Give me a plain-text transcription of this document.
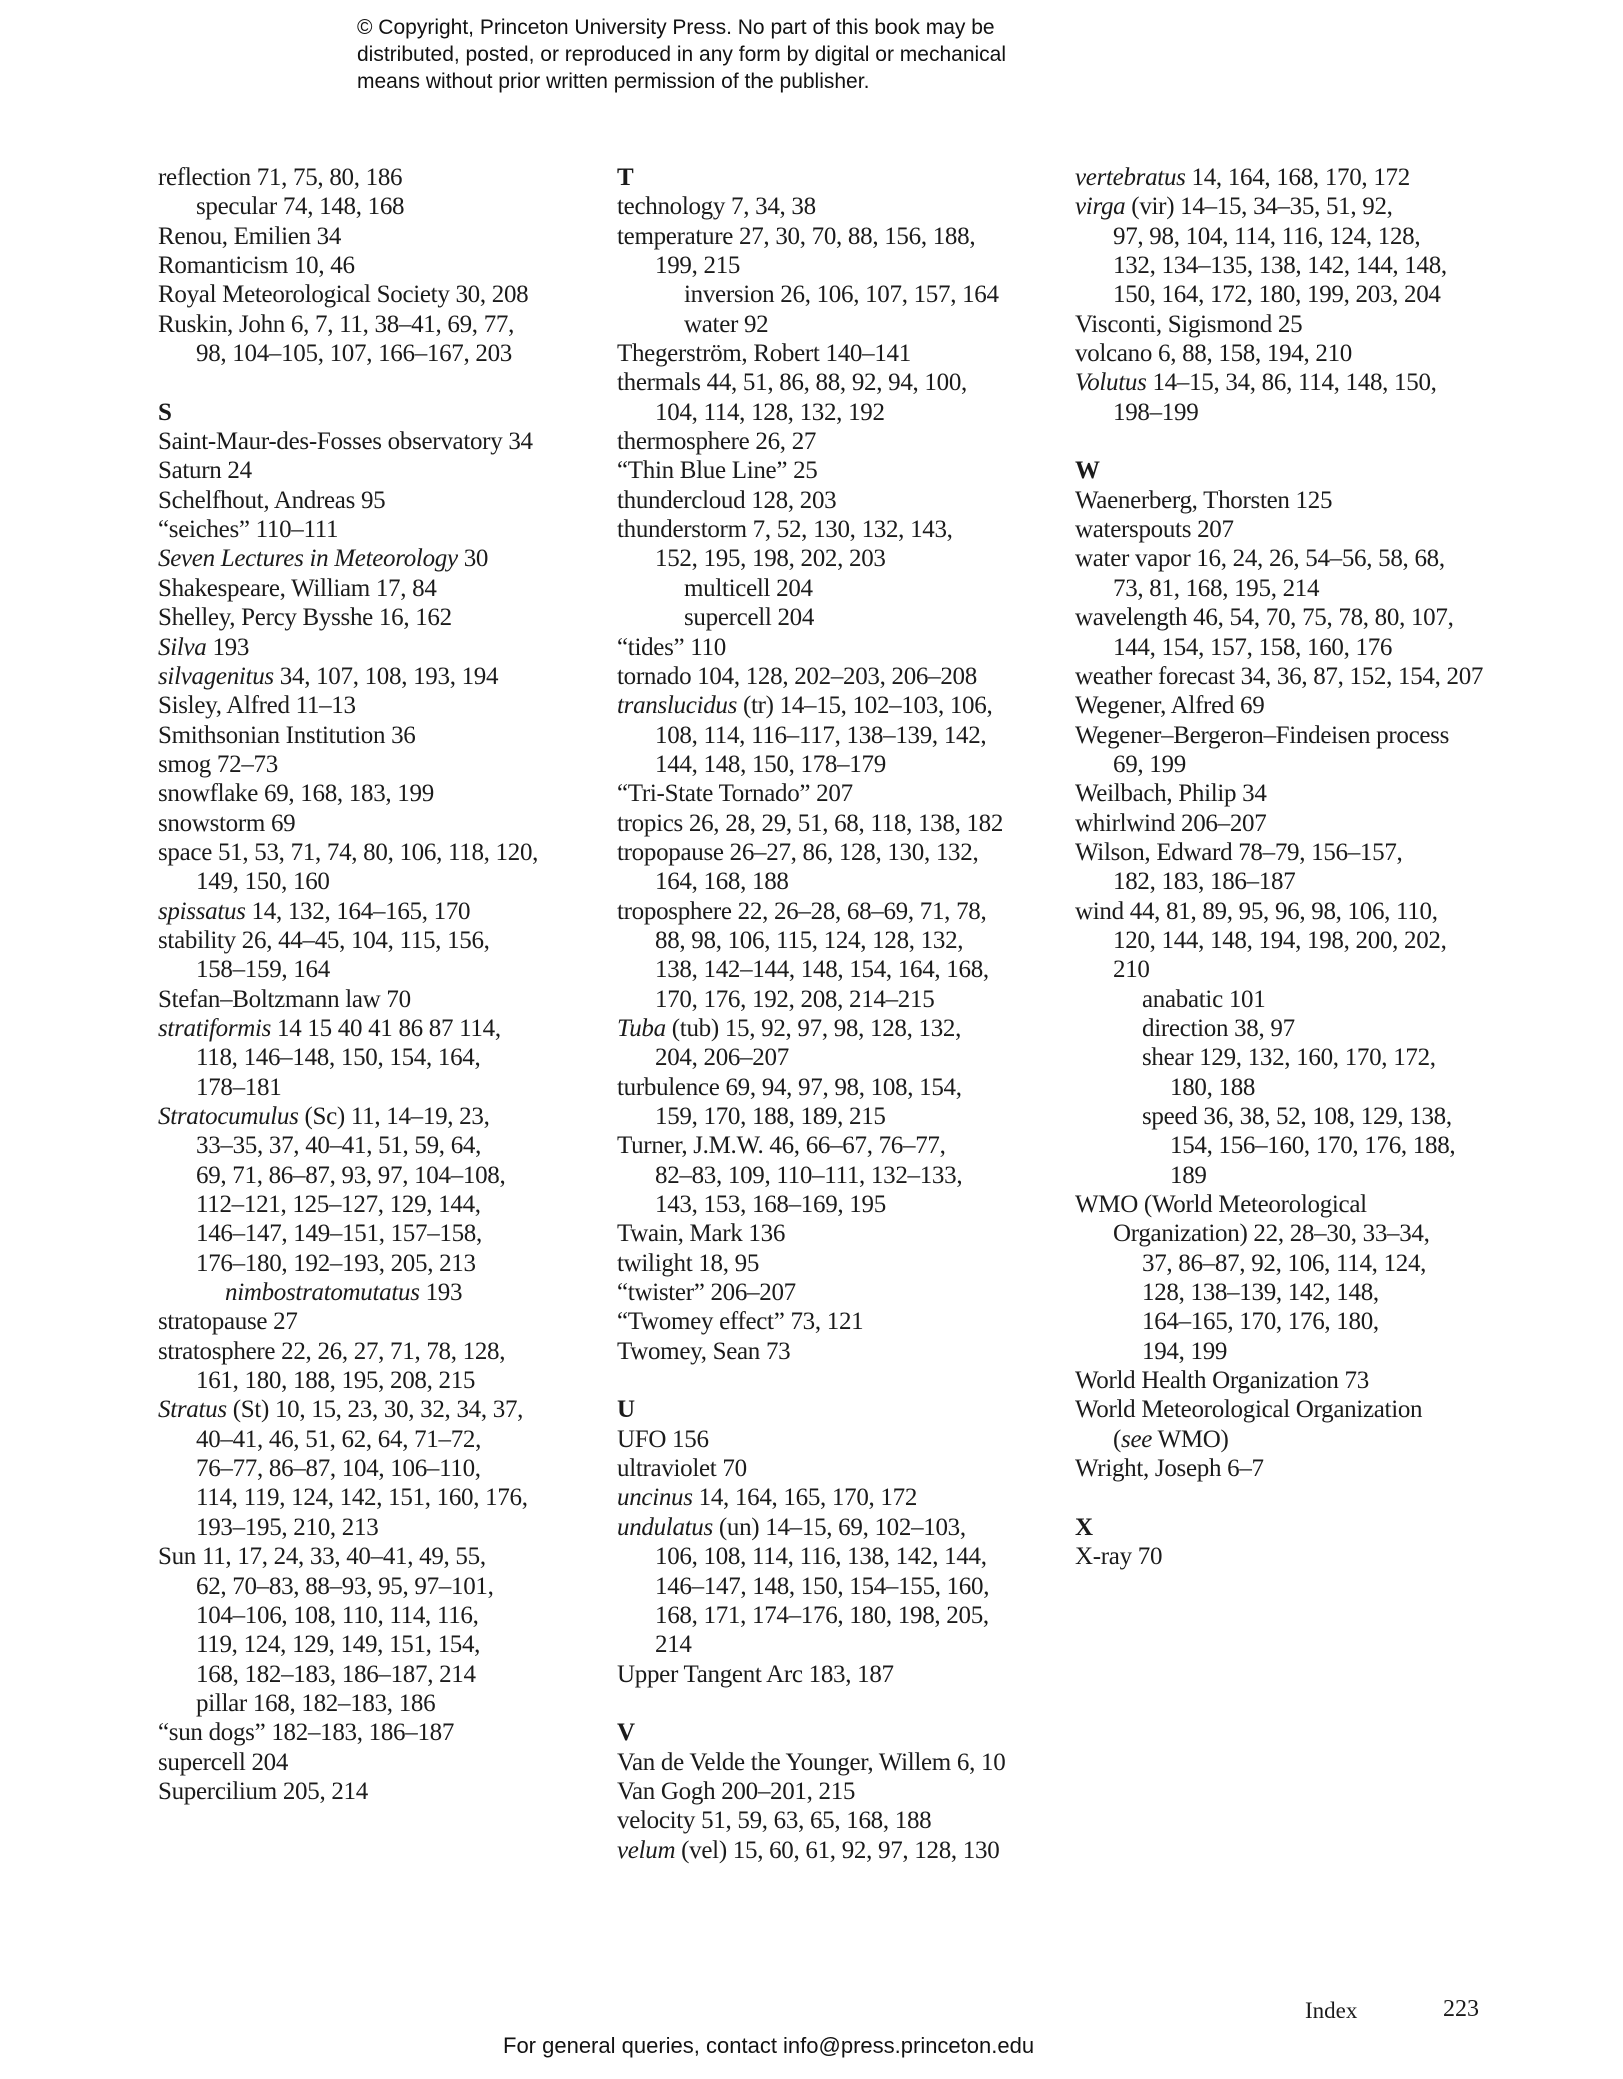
© Copyright, Princeton University Press. No part of this book may be
distributed, posted, or reproduced in any form by digital or mechanical
means without prior written permission of the publisher.
reflection 71, 75, 80, 186
specular 74, 148, 168
Renou, Emilien 34
Romanticism 10, 46
Royal Meteorological Society 30, 208
Ruskin, John 6, 7, 11, 38–41, 69, 77,
98, 104–105, 107, 166–167, 203
S
Saint-Maur-des-Fosses observatory 34
Saturn 24
Schelfhout, Andreas 95
“seiches” 110–111
Seven Lectures in Meteorology 30
Shakespeare, William 17, 84
Shelley, Percy Bysshe 16, 162
Silva 193
silvagenitus 34, 107, 108, 193, 194
Sisley, Alfred 11–13
Smithsonian Institution 36
smog 72–73
snowflake 69, 168, 183, 199
snowstorm 69
space 51, 53, 71, 74, 80, 106, 118, 120,
149, 150, 160
spissatus 14, 132, 164–165, 170
stability 26, 44–45, 104, 115, 156,
158–159, 164
Stefan–Boltzmann law 70
stratiformis 14 15 40 41 86 87 114,
118, 146–148, 150, 154, 164,
178–181
Stratocumulus (Sc) 11, 14–19, 23,
33–35, 37, 40–41, 51, 59, 64,
69, 71, 86–87, 93, 97, 104–108,
112–121, 125–127, 129, 144,
146–147, 149–151, 157–158,
176–180, 192–193, 205, 213
nimbostratomutatus 193
stratopause 27
stratosphere 22, 26, 27, 71, 78, 128,
161, 180, 188, 195, 208, 215
Stratus (St) 10, 15, 23, 30, 32, 34, 37,
40–41, 46, 51, 62, 64, 71–72,
76–77, 86–87, 104, 106–110,
114, 119, 124, 142, 151, 160, 176,
193–195, 210, 213
Sun 11, 17, 24, 33, 40–41, 49, 55,
62, 70–83, 88–93, 95, 97–101,
104–106, 108, 110, 114, 116,
119, 124, 129, 149, 151, 154,
168, 182–183, 186–187, 214
pillar 168, 182–183, 186
“sun dogs” 182–183, 186–187
supercell 204
Supercilium 205, 214
T
technology 7, 34, 38
temperature 27, 30, 70, 88, 156, 188,
199, 215
inversion 26, 106, 107, 157, 164
water 92
Thegerström, Robert 140–141
thermals 44, 51, 86, 88, 92, 94, 100,
104, 114, 128, 132, 192
thermosphere 26, 27
“Thin Blue Line” 25
thundercloud 128, 203
thunderstorm 7, 52, 130, 132, 143,
152, 195, 198, 202, 203
multicell 204
supercell 204
“tides” 110
tornado 104, 128, 202–203, 206–208
translucidus (tr) 14–15, 102–103, 106,
108, 114, 116–117, 138–139, 142,
144, 148, 150, 178–179
“Tri-State Tornado” 207
tropics 26, 28, 29, 51, 68, 118, 138, 182
tropopause 26–27, 86, 128, 130, 132,
164, 168, 188
troposphere 22, 26–28, 68–69, 71, 78,
88, 98, 106, 115, 124, 128, 132,
138, 142–144, 148, 154, 164, 168,
170, 176, 192, 208, 214–215
Tuba (tub) 15, 92, 97, 98, 128, 132,
204, 206–207
turbulence 69, 94, 97, 98, 108, 154,
159, 170, 188, 189, 215
Turner, J.M.W. 46, 66–67, 76–77,
82–83, 109, 110–111, 132–133,
143, 153, 168–169, 195
Twain, Mark 136
twilight 18, 95
“twister” 206–207
“Twomey effect” 73, 121
Twomey, Sean 73
U
UFO 156
ultraviolet 70
uncinus 14, 164, 165, 170, 172
undulatus (un) 14–15, 69, 102–103,
106, 108, 114, 116, 138, 142, 144,
146–147, 148, 150, 154–155, 160,
168, 171, 174–176, 180, 198, 205,
214
Upper Tangent Arc 183, 187
V
Van de Velde the Younger, Willem 6, 10
Van Gogh 200–201, 215
velocity 51, 59, 63, 65, 168, 188
velum (vel) 15, 60, 61, 92, 97, 128, 130
vertebratus 14, 164, 168, 170, 172
virga (vir) 14–15, 34–35, 51, 92,
97, 98, 104, 114, 116, 124, 128,
132, 134–135, 138, 142, 144, 148,
150, 164, 172, 180, 199, 203, 204
Visconti, Sigismond 25
volcano 6, 88, 158, 194, 210
Volutus 14–15, 34, 86, 114, 148, 150,
198–199
W
Waenerberg, Thorsten 125
waterspouts 207
water vapor 16, 24, 26, 54–56, 58, 68,
73, 81, 168, 195, 214
wavelength 46, 54, 70, 75, 78, 80, 107,
144, 154, 157, 158, 160, 176
weather forecast 34, 36, 87, 152, 154, 207
Wegener, Alfred 69
Wegener–Bergeron–Findeisen process
69, 199
Weilbach, Philip 34
whirlwind 206–207
Wilson, Edward 78–79, 156–157,
182, 183, 186–187
wind 44, 81, 89, 95, 96, 98, 106, 110,
120, 144, 148, 194, 198, 200, 202,
210
anabatic 101
direction 38, 97
shear 129, 132, 160, 170, 172,
180, 188
speed 36, 38, 52, 108, 129, 138,
154, 156–160, 170, 176, 188,
189
WMO (World Meteorological
Organization) 22, 28–30, 33–34,
37, 86–87, 92, 106, 114, 124,
128, 138–139, 142, 148,
164–165, 170, 176, 180,
194, 199
World Health Organization 73
World Meteorological Organization
(see WMO)
Wright, Joseph 6–7
X
X-ray 70
Index	223
For general queries, contact info@press.princeton.edu
